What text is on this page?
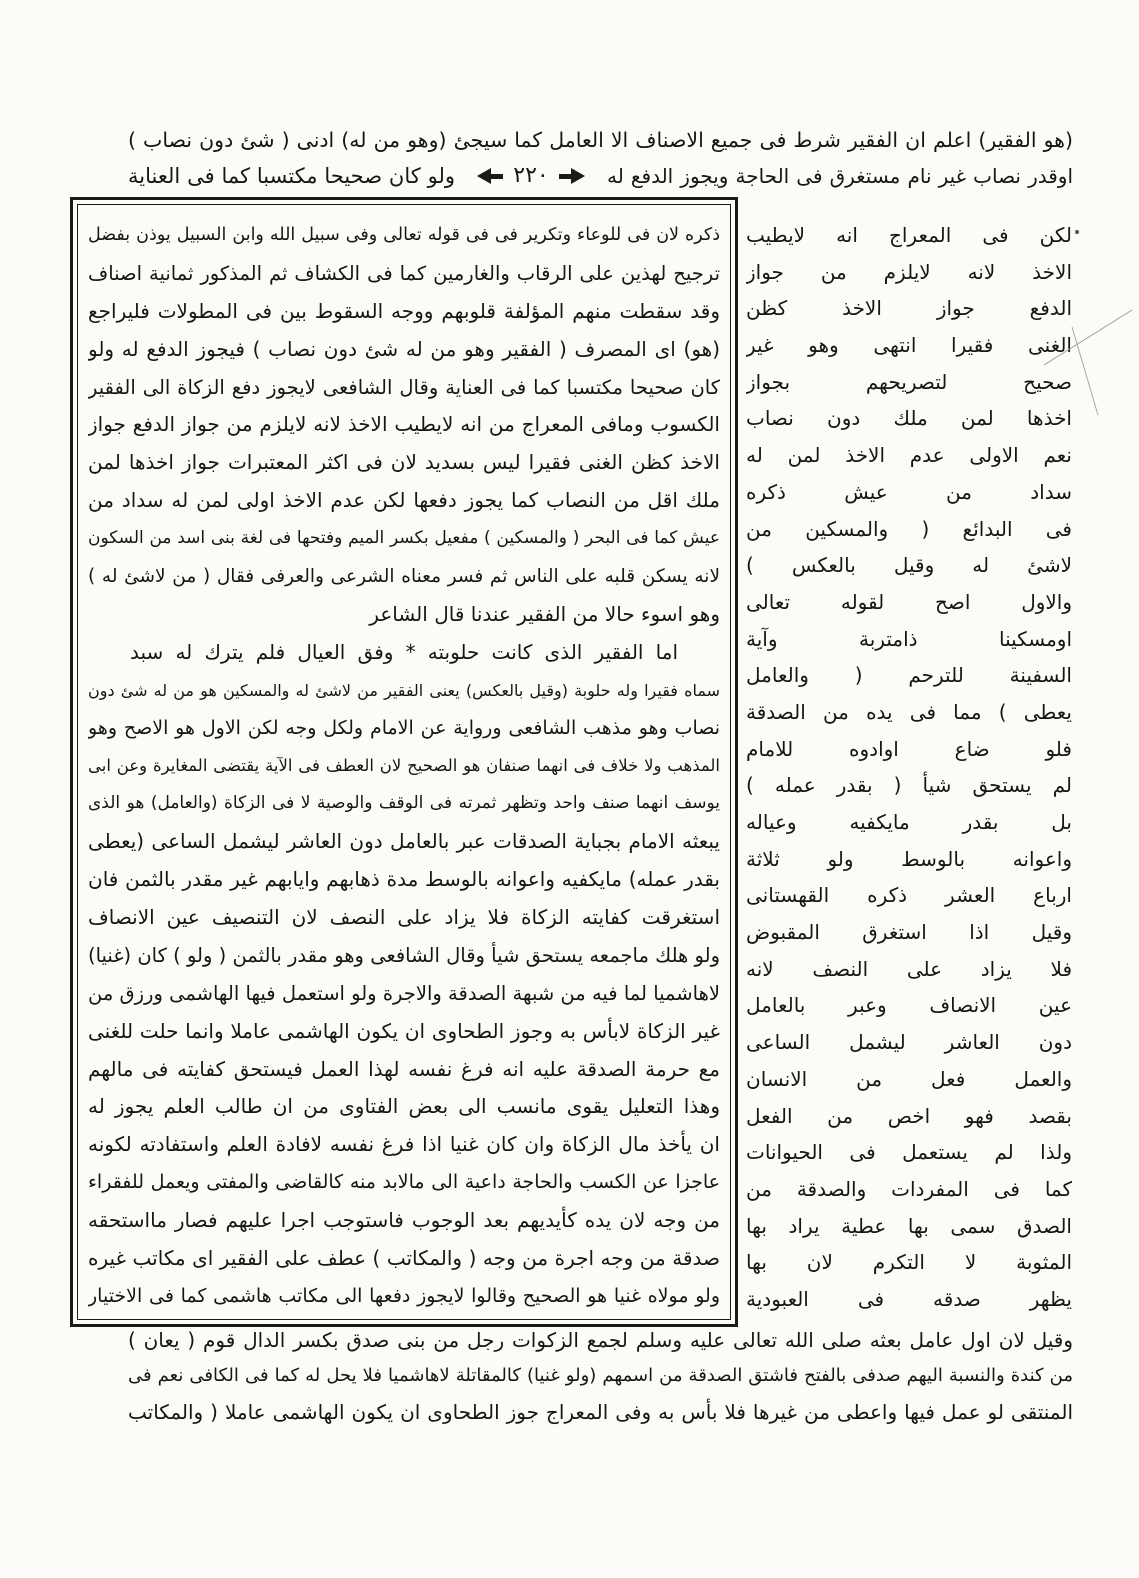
(هو الفقير) اعلم ان الفقير شرط فى جميع الاصناف الا العامل كما سيجئ (وهو من له) ادنى ( شئ دون نصاب )
اوقدر نصاب غير نام مستغرق فى الحاجة ويجوز الدفع له
٢٢٠
ولو كان صحيحا مكتسبا كما فى العناية
ذكره لان فى للوعاء وتكرير فى فى قوله تعالى وفى سبيل الله وابن السبيل يوذن بفضل
ترجيح لهذين على الرقاب والغارمين كما فى الكشاف ثم المذكور ثمانية اصناف
وقد سقطت منهم المؤلفة قلوبهم ووجه السقوط بين فى المطولات فليراجع
(هو) اى المصرف ( الفقير وهو من له شئ دون نصاب ) فيجوز الدفع له ولو
كان صحيحا مكتسبا كما فى العناية وقال الشافعى لايجوز دفع الزكاة الى الفقير
الكسوب ومافى المعراج من انه لايطيب الاخذ لانه لايلزم من جواز الدفع جواز
الاخذ كظن الغنى فقيرا ليس بسديد لان فى اكثر المعتبرات جواز اخذها لمن
ملك اقل من النصاب كما يجوز دفعها لكن عدم الاخذ اولى لمن له سداد من
عيش كما فى البحر ( والمسكين ) مفعيل بكسر الميم وفتحها فى لغة بنى اسد من السكون
لانه يسكن قلبه على الناس ثم فسر معناه الشرعى والعرفى فقال ( من لاشئ له )
وهو اسوء حالا من الفقير عندنا قال الشاعر
اما الفقير الذى كانت حلوبته * وفق العيال فلم يترك له سبد
سماه فقيرا وله حلوبة (وقيل بالعكس) يعنى الفقير من لاشئ له والمسكين هو من له شئ دون
نصاب وهو مذهب الشافعى ورواية عن الامام ولكل وجه لكن الاول هو الاصح وهو
المذهب ولا خلاف فى انهما صنفان هو الصحيح لان العطف فى الآية يقتضى المغايرة وعن ابى
يوسف انهما صنف واحد وتظهر ثمرته فى الوقف والوصية لا فى الزكاة (والعامل) هو الذى
يبعثه الامام بجباية الصدقات عبر بالعامل دون العاشر ليشمل الساعى (يعطى
بقدر عمله) مايكفيه واعوانه بالوسط مدة ذهابهم وايابهم غير مقدر بالثمن فان
استغرقت كفايته الزكاة فلا يزاد على النصف لان التنصيف عين الانصاف
ولو هلك ماجمعه يستحق شيأ وقال الشافعى وهو مقدر بالثمن ( ولو ) كان (غنيا)
لاهاشميا لما فيه من شبهة الصدقة والاجرة ولو استعمل فيها الهاشمى ورزق من
غير الزكاة لابأس به وجوز الطحاوى ان يكون الهاشمى عاملا وانما حلت للغنى
مع حرمة الصدقة عليه انه فرغ نفسه لهذا العمل فيستحق كفايته فى مالهم
وهذا التعليل يقوى مانسب الى بعض الفتاوى من ان طالب العلم يجوز له
ان يأخذ مال الزكاة وان كان غنيا اذا فرغ نفسه لافادة العلم واستفادته لكونه
عاجزا عن الكسب والحاجة داعية الى مالابد منه كالقاضى والمفتى ويعمل للفقراء
من وجه لان يده كأيديهم بعد الوجوب فاستوجب اجرا عليهم فصار مااستحقه
صدقة من وجه اجرة من وجه ( والمكاتب ) عطف على الفقير اى مكاتب غيره
ولو مولاه غنيا هو الصحيح وقالوا لايجوز دفعها الى مكاتب هاشمى كما فى الاختيار
لكن فى المعراج انه لايطيب
الاخذ لانه لايلزم من جواز
الدفع جواز الاخذ كظن
الغنى فقيرا انتهى وهو غير
صحيح لتصريحهم بجواز
اخذها لمن ملك دون نصاب
نعم الاولى عدم الاخذ لمن له
سداد من عيش ذكره
فى البدائع ( والمسكين من
لاشئ له وقيل بالعكس )
والاول اصح لقوله تعالى
اومسكينا ذامتربة وآية
السفينة للترحم ( والعامل
يعطى ) مما فى يده من الصدقة
فلو ضاع اوادوه للامام
لم يستحق شيأ ( بقدر عمله )
بل بقدر مايكفيه وعياله
واعوانه بالوسط ولو ثلاثة
ارباع العشر ذكره القهستانى
وقيل اذا استغرق المقبوض
فلا يزاد على النصف لانه
عين الانصاف وعبر بالعامل
دون العاشر ليشمل الساعى
والعمل فعل من الانسان
بقصد فهو اخص من الفعل
ولذا لم يستعمل فى الحيوانات
كما فى المفردات والصدقة من
الصدق سمى بها عطية يراد بها
المثوبة لا التكرم لان بها
يظهر صدقه فى العبودية
وقيل لان اول عامل بعثه صلى الله تعالى عليه وسلم لجمع الزكوات رجل من بنى صدق بكسر الدال قوم ( يعان )
من كندة والنسبة اليهم صدفى بالفتح فاشتق الصدقة من اسمهم (ولو غنيا) كالمقاتلة لاهاشميا فلا يحل له كما فى الكافى نعم فى
المنتقى لو عمل فيها واعطى من غيرها فلا بأس به وفى المعراج جوز الطحاوى ان يكون الهاشمى عاملا ( والمكاتب
